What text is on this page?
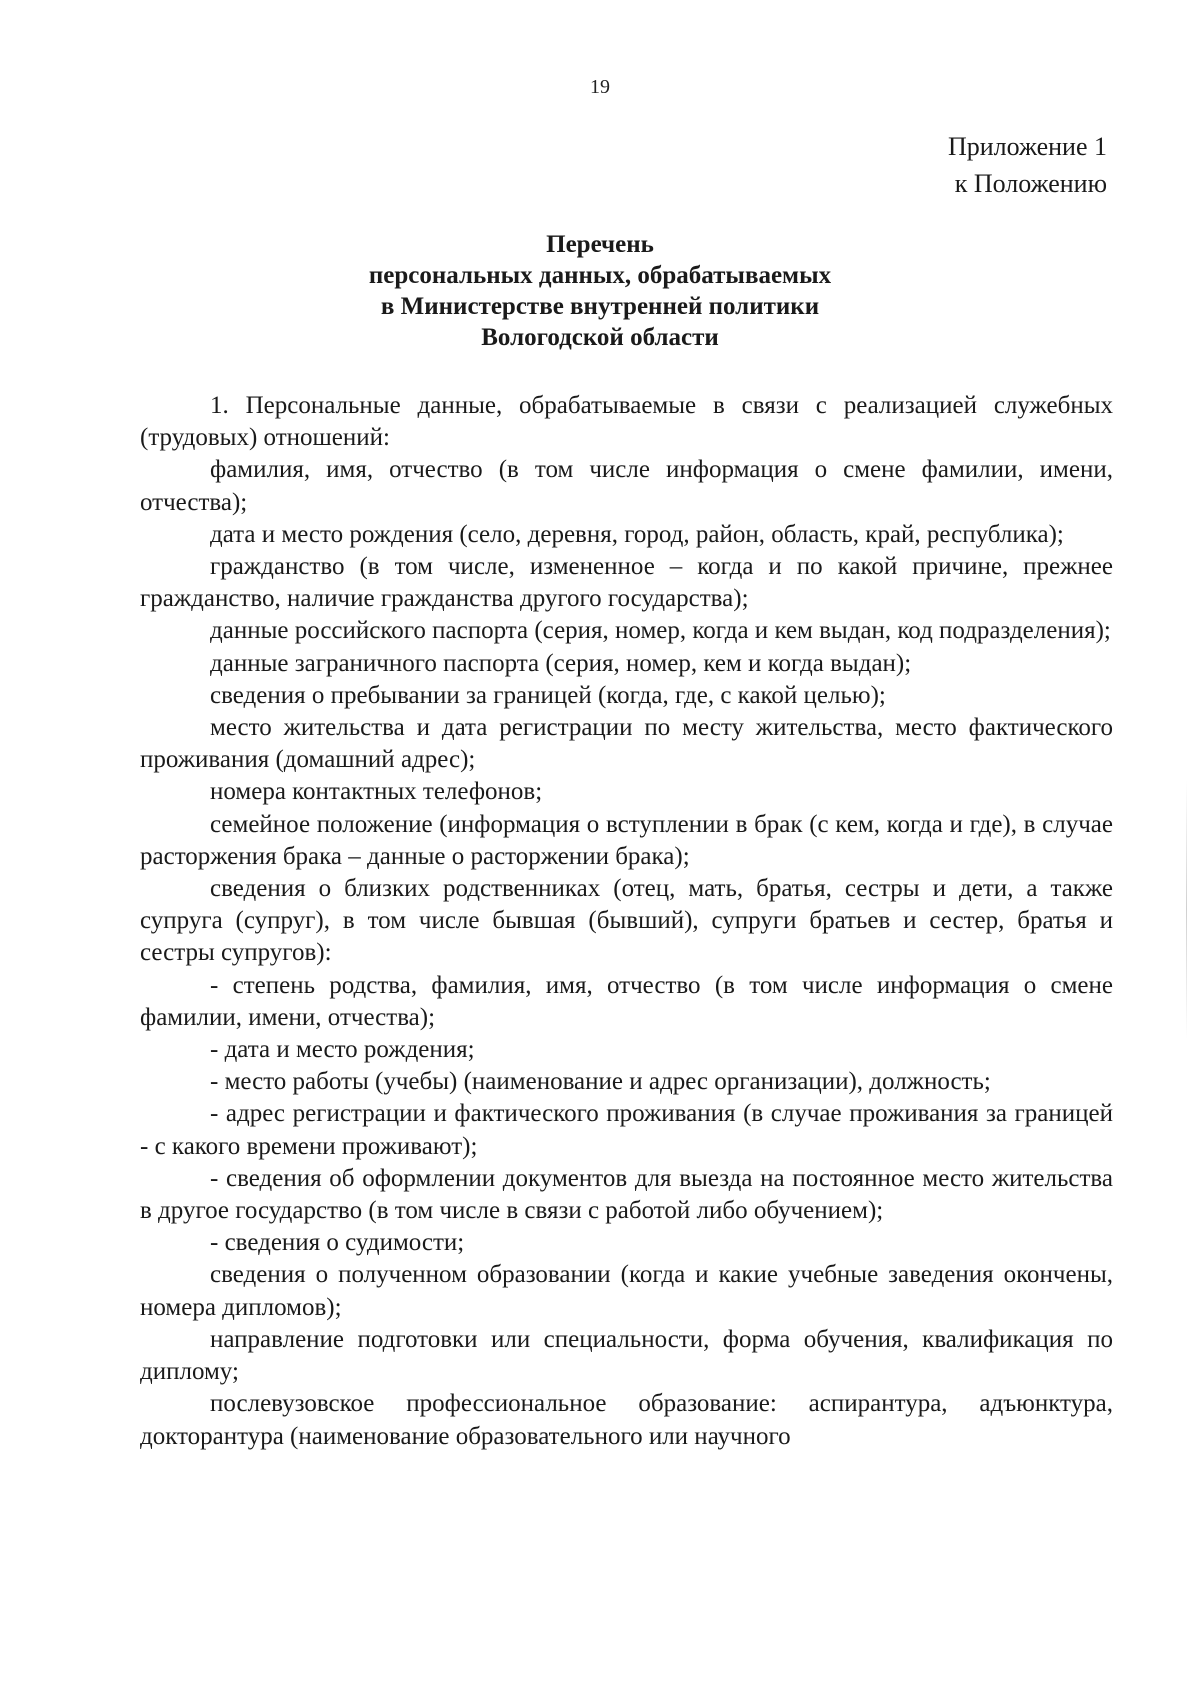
19
Приложение 1
к Положению
Перечень
персональных данных, обрабатываемых
в Министерстве внутренней политики
Вологодской области

1. Персональные данные, обрабатываемые в связи с реализацией служебных (трудовых) отношений:

фамилия, имя, отчество (в том числе информация о смене фамилии, имени, отчества);

дата и место рождения (село, деревня, город, район, область, край, республика);

гражданство (в том числе, измененное – когда и по какой причине, прежнее гражданство, наличие гражданства другого государства);

данные российского паспорта (серия, номер, когда и кем выдан, код подразделения);

данные заграничного паспорта (серия, номер, кем и когда выдан);

сведения о пребывании за границей (когда, где, с какой целью);

место жительства и дата регистрации по месту жительства, место фактического проживания (домашний адрес);

номера контактных телефонов;

семейное положение (информация о вступлении в брак (с кем, когда и где), в случае расторжения брака – данные о расторжении брака);

сведения о близких родственниках (отец, мать, братья, сестры и дети, а также супруга (супруг), в том числе бывшая (бывший), супруги братьев и сестер, братья и сестры супругов):

- степень родства, фамилия, имя, отчество (в том числе информация о смене фамилии, имени, отчества);

- дата и место рождения;

- место работы (учебы) (наименование и адрес организации), должность;

- адрес регистрации и фактического проживания (в случае проживания за границей - с какого времени проживают);

- сведения об оформлении документов для выезда на постоянное место жительства в другое государство (в том числе в связи с работой либо обучением);

- сведения о судимости;

сведения о полученном образовании (когда и какие учебные заведения окончены, номера дипломов);

направление подготовки или специальности, форма обучения, квалификация по диплому;

послевузовское профессиональное образование: аспирантура, адъюнктура, докторантура (наименование образовательного или научного
